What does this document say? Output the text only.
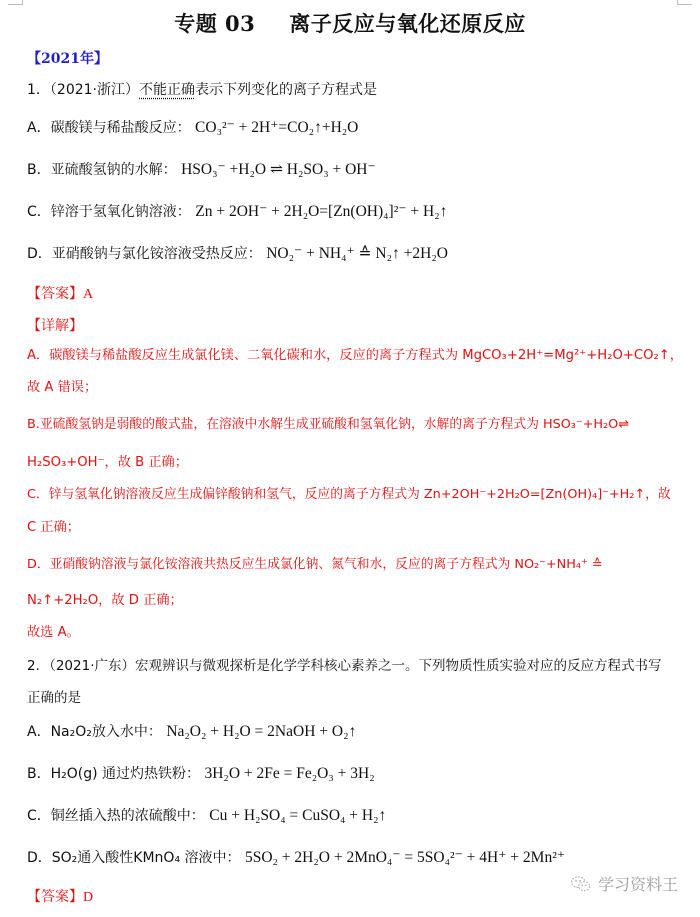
专题 03 离子反应与氧化还原反应
【2021年】
1．（2021·浙江）不能正确表示下列变化的离子方程式是
A．碳酸镁与稀盐酸反应： CO₃²⁻ + 2H⁺=CO₂↑+H₂O
B．亚硫酸氢钠的水解： HSO₃⁻ +H₂O ⇌ H₂SO₃ + OH⁻
C．锌溶于氢氧化钠溶液： Zn + 2OH⁻ + 2H₂O=[Zn(OH)₄]²⁻ + H₂↑
D．亚硝酸钠与氯化铵溶液受热反应： NO₂⁻ + NH₄⁺ ≙ N₂↑ +2H₂O
【答案】A
【详解】
A．碳酸镁与稀盐酸反应生成氯化镁、二氧化碳和水，反应的离子方程式为 MgCO₃+2H⁺=Mg²⁺+H₂O+CO₂↑，
故 A 错误；
B.亚硫酸氢钠是弱酸的酸式盐，在溶液中水解生成亚硫酸和氢氧化钠，水解的离子方程式为 HSO₃⁻+H₂O⇌
H₂SO₃+OH⁻，故 B 正确；
C．锌与氢氧化钠溶液反应生成偏锌酸钠和氢气，反应的离子方程式为 Zn+2OH⁻+2H₂O=[Zn(OH)₄]⁻+H₂↑，故
C 正确；
D．亚硝酸钠溶液与氯化铵溶液共热反应生成氯化钠、氮气和水，反应的离子方程式为 NO₂⁻+NH₄⁺ ≙
N₂↑+2H₂O，故 D 正确；
故选 A。
2．（2021·广东）宏观辨识与微观探析是化学学科核心素养之一。下列物质性质实验对应的反应方程式书写
正确的是
A．Na₂O₂放入水中： Na₂O₂ + H₂O = 2NaOH + O₂↑
B．H₂O(g) 通过灼热铁粉： 3H₂O + 2Fe = Fe₂O₃ + 3H₂
C．铜丝插入热的浓硫酸中： Cu + H₂SO₄ = CuSO₄ + H₂↑
D．SO₂通入酸性KMnO₄ 溶液中： 5SO₂ + 2H₂O + 2MnO₄⁻ = 5SO₄²⁻ + 4H⁺ + 2Mn²⁺
【答案】D
学习资料王
